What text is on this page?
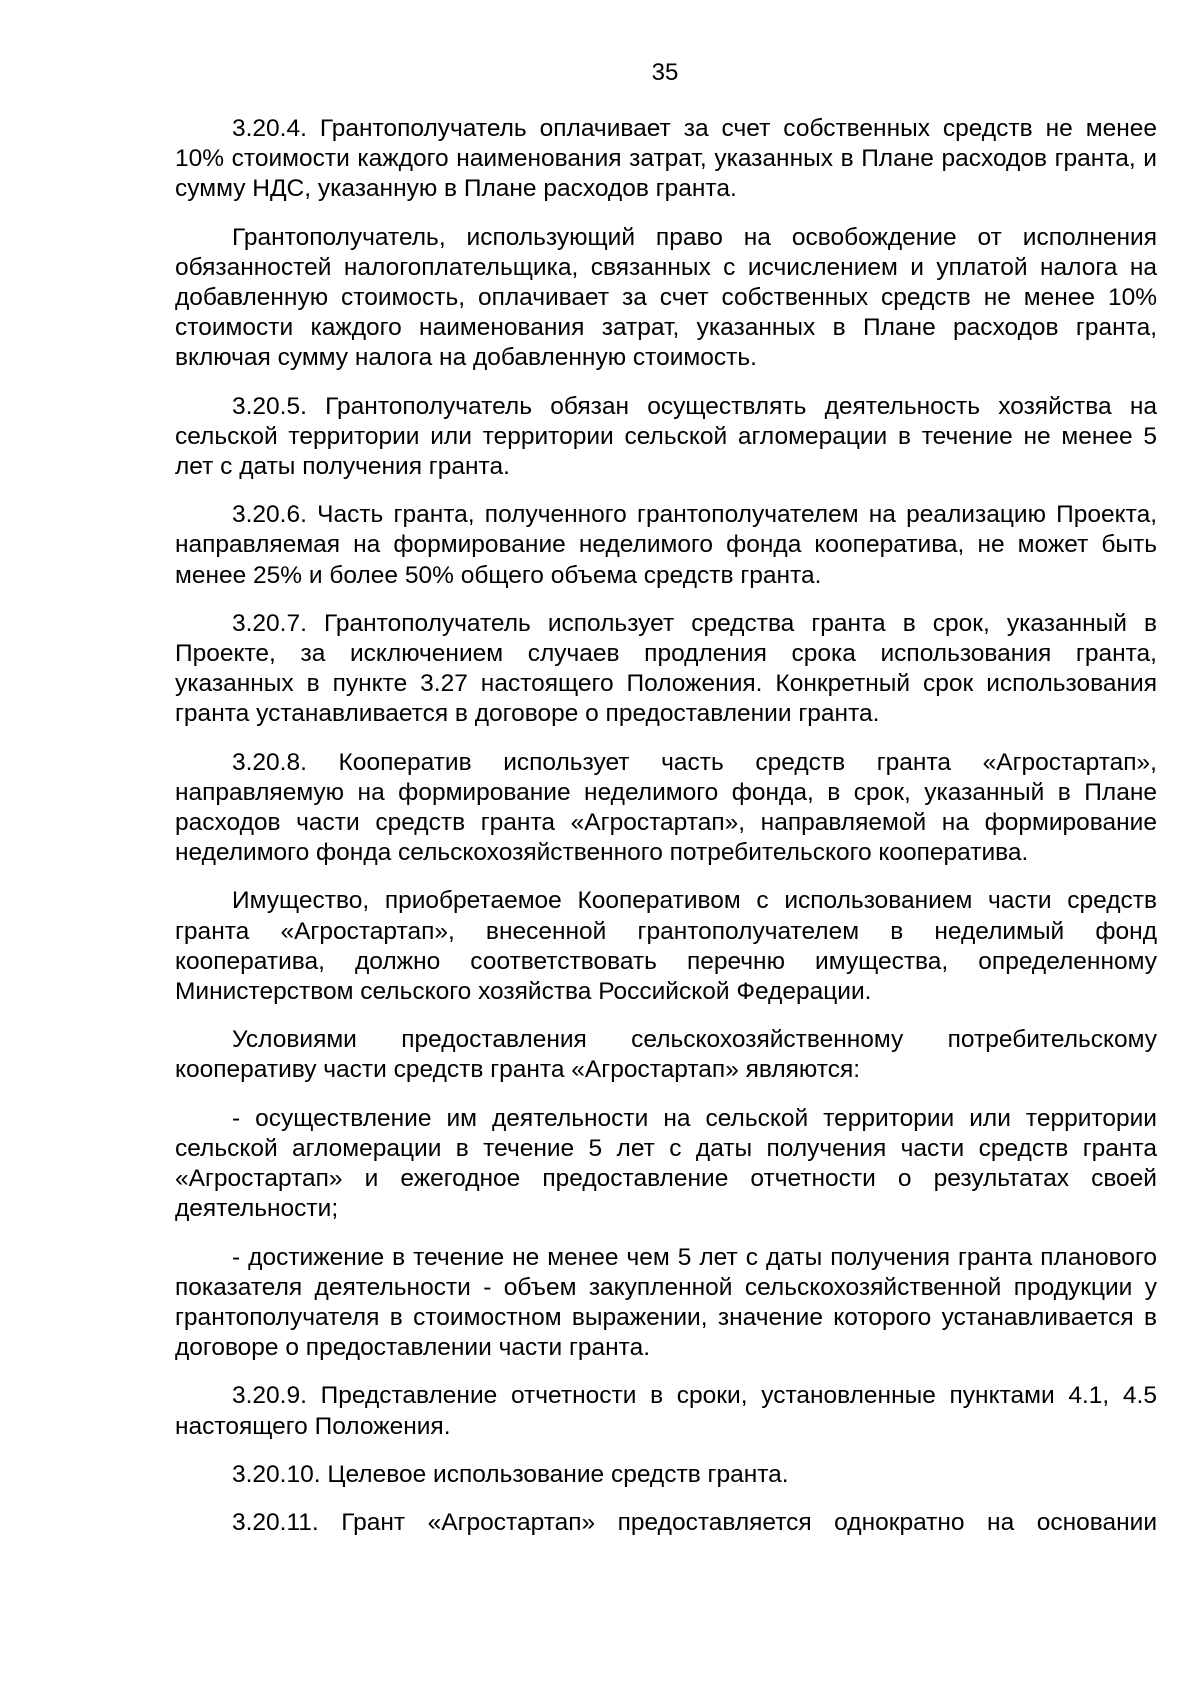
35

3.20.4. Грантополучатель оплачивает за счет собственных средств не менее 10% стоимости каждого наименования затрат, указанных в Плане расходов гранта, и сумму НДС, указанную в Плане расходов гранта.

Грантополучатель, использующий право на освобождение от исполнения обязанностей налогоплательщика, связанных с исчислением и уплатой налога на добавленную стоимость, оплачивает за счет собственных средств не менее 10% стоимости каждого наименования затрат, указанных в Плане расходов гранта, включая сумму налога на добавленную стоимость.

3.20.5. Грантополучатель обязан осуществлять деятельность хозяйства на сельской территории или территории сельской агломерации в течение не менее 5 лет с даты получения гранта.

3.20.6. Часть гранта, полученного грантополучателем на реализацию Проекта, направляемая на формирование неделимого фонда кооператива, не может быть менее 25% и более 50% общего объема средств гранта.

3.20.7. Грантополучатель использует средства гранта в срок, указанный в Проекте, за исключением случаев продления срока использования гранта, указанных в пункте 3.27 настоящего Положения. Конкретный срок использования гранта устанавливается в договоре о предоставлении гранта.

3.20.8. Кооператив использует часть средств гранта «Агростартап», направляемую на формирование неделимого фонда, в срок, указанный в Плане расходов части средств гранта «Агростартап», направляемой на формирование неделимого фонда сельскохозяйственного потребительского кооператива.

Имущество, приобретаемое Кооперативом с использованием части средств гранта «Агростартап», внесенной грантополучателем в неделимый фонд кооператива, должно соответствовать перечню имущества, определенному Министерством сельского хозяйства Российской Федерации.

Условиями предоставления сельскохозяйственному потребительскому кооперативу части средств гранта «Агростартап» являются:

- осуществление им деятельности на сельской территории или территории сельской агломерации в течение 5 лет с даты получения части средств гранта «Агростартап» и ежегодное предоставление отчетности о результатах своей деятельности;

- достижение в течение не менее чем 5 лет с даты получения гранта планового показателя деятельности - объем закупленной сельскохозяйственной продукции у грантополучателя в стоимостном выражении, значение которого устанавливается в договоре о предоставлении части гранта.

3.20.9. Представление отчетности в сроки, установленные пунктами 4.1, 4.5 настоящего Положения.

3.20.10. Целевое использование средств гранта.

3.20.11. Грант «Агростартап» предоставляется однократно на основании
